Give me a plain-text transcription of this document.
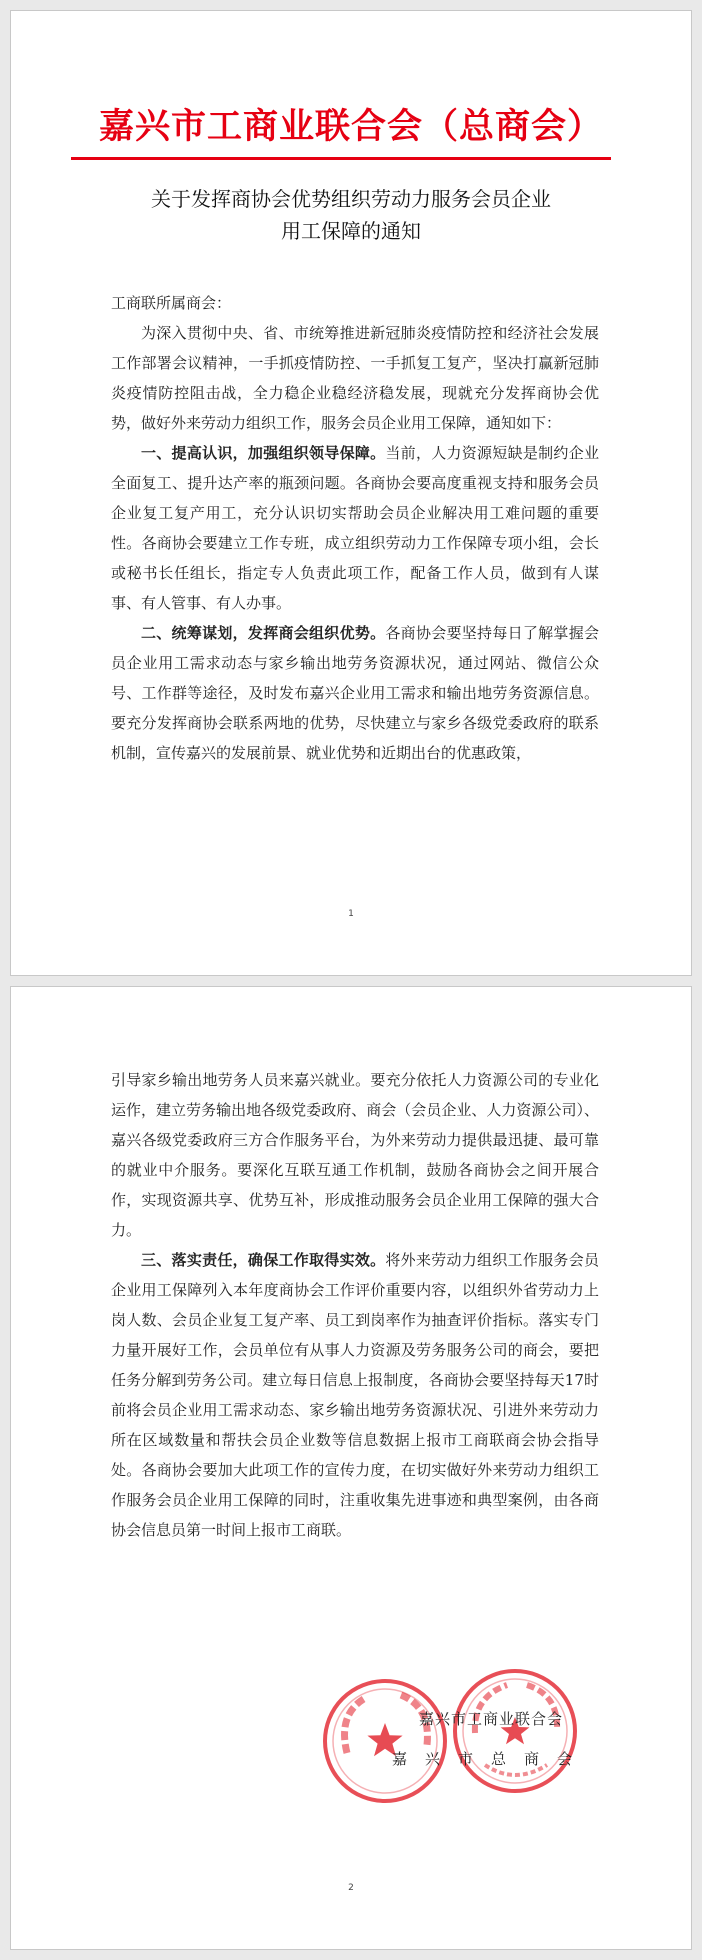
嘉兴市工商业联合会（总商会）
关于发挥商协会优势组织劳动力服务会员企业
用工保障的通知

工商联所属商会：

为深入贯彻中央、省、市统筹推进新冠肺炎疫情防控和经济社会发展工作部署会议精神，一手抓疫情防控、一手抓复工复产，坚决打赢新冠肺炎疫情防控阻击战，全力稳企业稳经济稳发展，现就充分发挥商协会优势，做好外来劳动力组织工作，服务会员企业用工保障，通知如下：

一、提高认识，加强组织领导保障。当前，人力资源短缺是制约企业全面复工、提升达产率的瓶颈问题。各商协会要高度重视支持和服务会员企业复工复产用工，充分认识切实帮助会员企业解决用工难问题的重要性。各商协会要建立工作专班，成立组织劳动力工作保障专项小组，会长或秘书长任组长，指定专人负责此项工作，配备工作人员，做到有人谋事、有人管事、有人办事。

二、统筹谋划，发挥商会组织优势。各商协会要坚持每日了解掌握会员企业用工需求动态与家乡输出地劳务资源状况，通过网站、微信公众号、工作群等途径，及时发布嘉兴企业用工需求和输出地劳务资源信息。要充分发挥商协会联系两地的优势，尽快建立与家乡各级党委政府的联系机制，宣传嘉兴的发展前景、就业优势和近期出台的优惠政策，

1

引导家乡输出地劳务人员来嘉兴就业。要充分依托人力资源公司的专业化运作，建立劳务输出地各级党委政府、商会（会员企业、人力资源公司）、嘉兴各级党委政府三方合作服务平台，为外来劳动力提供最迅捷、最可靠的就业中介服务。要深化互联互通工作机制，鼓励各商协会之间开展合作，实现资源共享、优势互补，形成推动服务会员企业用工保障的强大合力。

三、落实责任，确保工作取得实效。将外来劳动力组织工作服务会员企业用工保障列入本年度商协会工作评价重要内容，以组织外省劳动力上岗人数、会员企业复工复产率、员工到岗率作为抽查评价指标。落实专门力量开展好工作，会员单位有从事人力资源及劳务服务公司的商会，要把任务分解到劳务公司。建立每日信息上报制度，各商协会要坚持每天17时前将会员企业用工需求动态、家乡输出地劳务资源状况、引进外来劳动力所在区域数量和帮扶会员企业数等信息数据上报市工商联商会协会指导处。各商协会要加大此项工作的宣传力度，在切实做好外来劳动力组织工作服务会员企业用工保障的同时，注重收集先进事迹和典型案例，由各商协会信息员第一时间上报市工商联。

嘉兴市工商业联合会
嘉兴市总商会
2
